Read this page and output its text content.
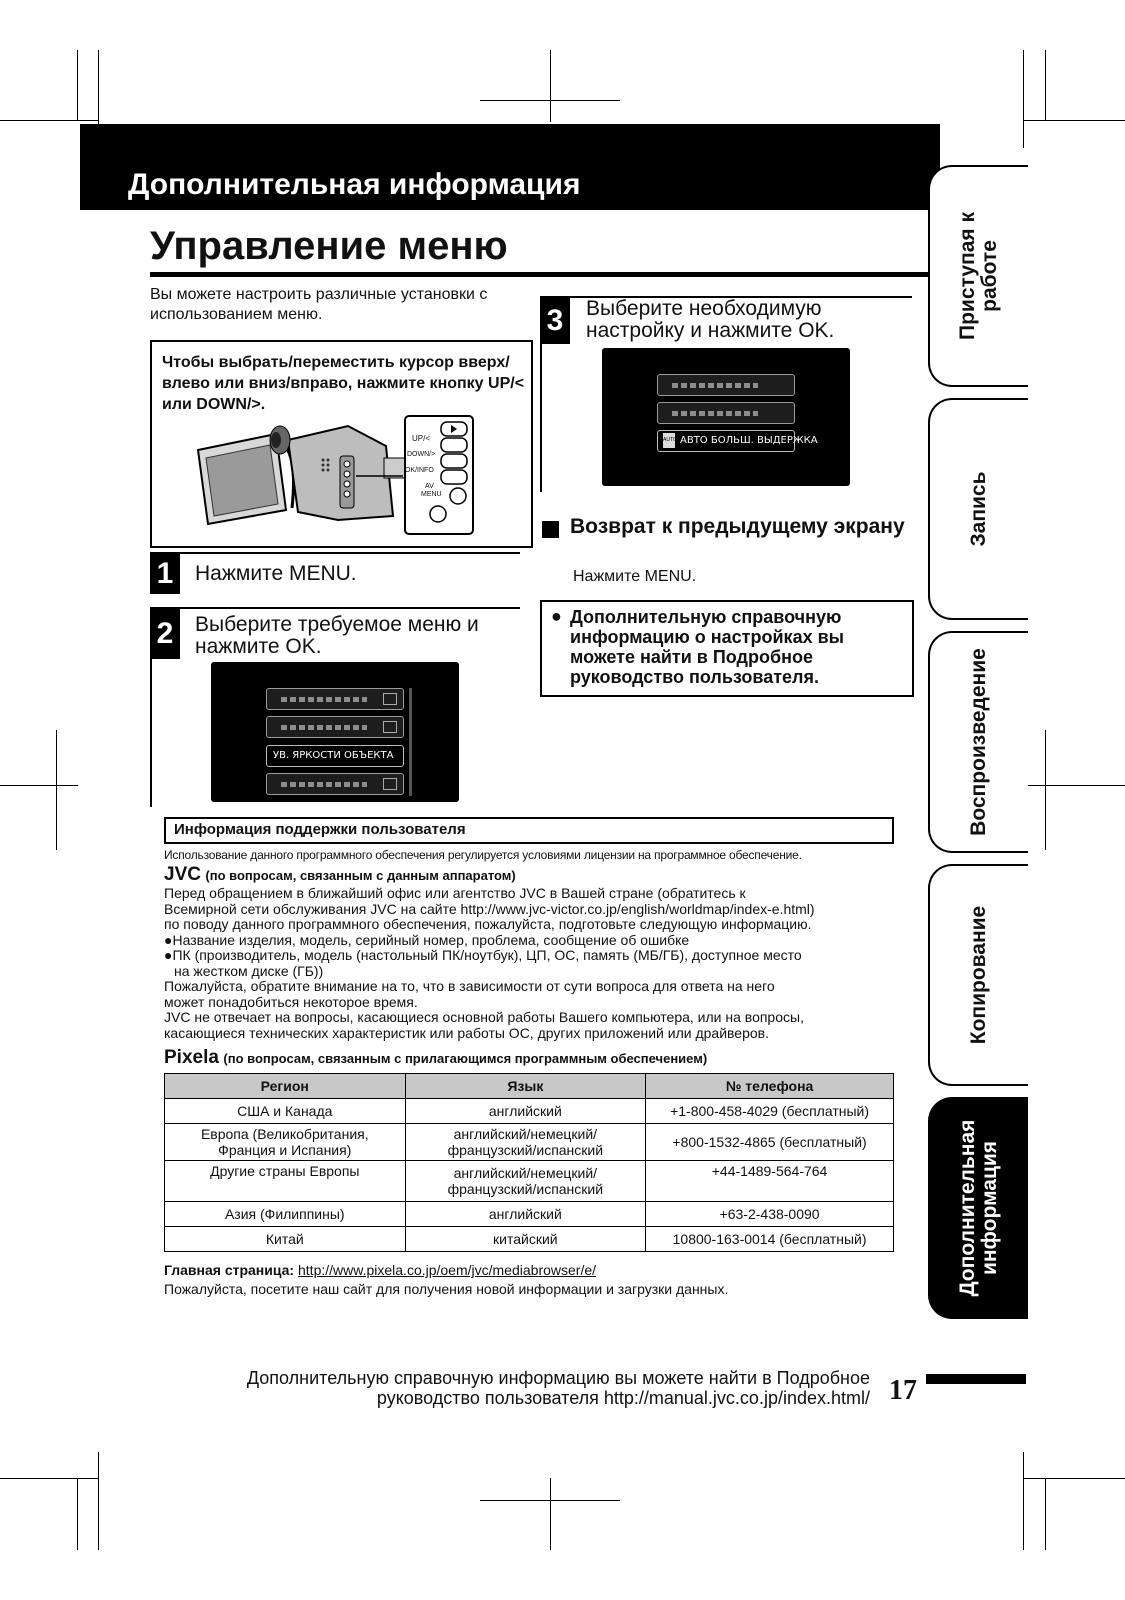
Дополнительная информация
Управление меню
Вы можете настроить различные установки с использованием меню.
Чтобы выбрать/переместить курсор вверх/влево или вниз/вправо, нажмите кнопку UP/< или DOWN/>.
UP/<
DOWN/>
OK/INFO
AV
MENU
1	Нажмите MENU.
2	Выберите требуемое меню и нажмите OK.
УВ. ЯРКОСТИ ОБЪЕКТА
3	Выберите необходимую настройку и нажмите OK.
AUTO АВТО БОЛЬШ. ВЫДЕРЖКА
Возврат к предыдущему экрану
Нажмите MENU.
● Дополнительную справочную информацию о настройках вы можете найти в Подробное руководство пользователя.
Приступая к работе
Запись
Воспроизведение
Копирование
Дополнительная информация
Информация поддержки пользователя
Использование данного программного обеспечения регулируется условиями лицензии на программное обеспечение.
JVC (по вопросам, связанным с данным аппаратом)
Перед обращением в ближайший офис или агентство JVC в Вашей стране (обратитесь к
Всемирной сети обслуживания JVC на сайте http://www.jvc-victor.co.jp/english/worldmap/index-e.html)
по поводу данного программного обеспечения, пожалуйста, подготовьте следующую информацию.
●Название изделия, модель, серийный номер, проблема, сообщение об ошибке
●ПК (производитель, модель (настольный ПК/ноутбук), ЦП, ОС, память (МБ/ГБ), доступное место
на жестком диске (ГБ))
Пожалуйста, обратите внимание на то, что в зависимости от сути вопроса для ответа на него
может понадобиться некоторое время.
JVC не отвечает на вопросы, касающиеся основной работы Вашего компьютера, или на вопросы,
касающиеся технических характеристик или работы ОС, других приложений или драйверов.
Pixela (по вопросам, связанным с прилагающимся программным обеспечением)
Регион	Язык	№ телефона
США и Канада	английский	+1-800-458-4029 (бесплатный)
Европа (Великобритания, Франция и Испания)	английский/немецкий/ французский/испанский	+800-1532-4865 (бесплатный)
Другие страны Европы	английский/немецкий/ французский/испанский	+44-1489-564-764
Азия (Филиппины)	английский	+63-2-438-0090
Китай	китайский	10800-163-0014 (бесплатный)
Главная страница: http://www.pixela.co.jp/oem/jvc/mediabrowser/e/
Пожалуйста, посетите наш сайт для получения новой информации и загрузки данных.
Дополнительную справочную информацию вы можете найти в Подробное
руководство пользователя http://manual.jvc.co.jp/index.html/ 17
